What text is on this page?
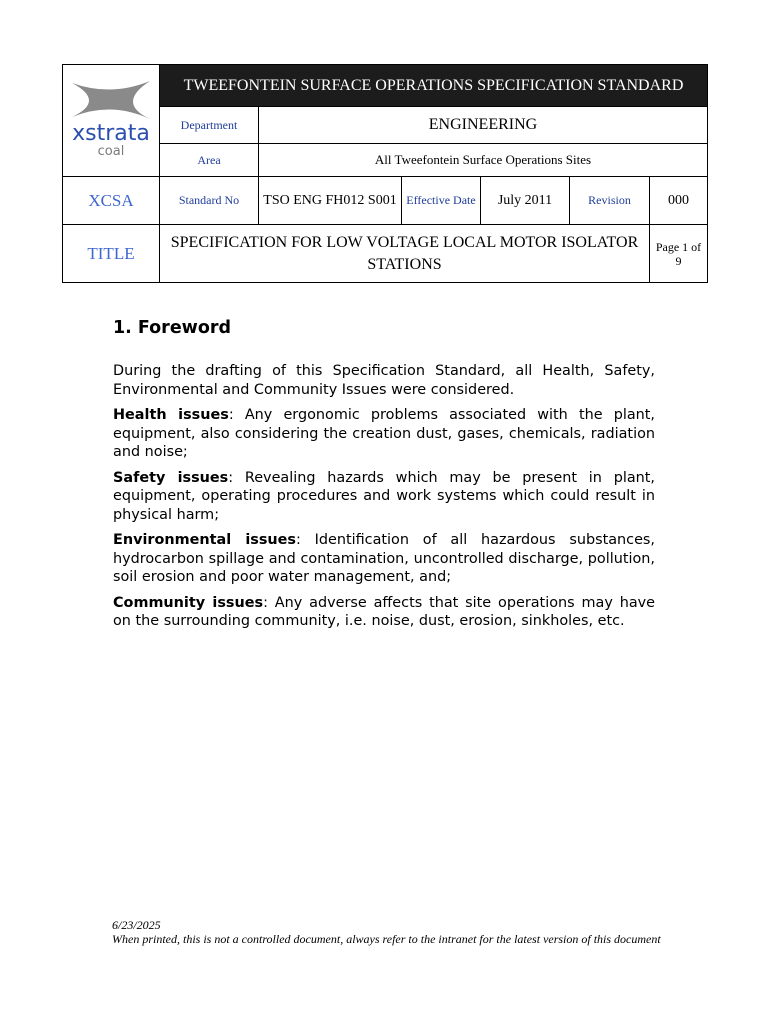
xstrata
coal	TWEEFONTEIN SURFACE OPERATIONS SPECIFICATION STANDARD					
	Department	ENGINEERING				
	Area	All Tweefontein Surface Operations Sites				
XCSA	Standard No	TSO ENG FH012 S001	Effective Date	July 2011	Revision	000
TITLE	SPECIFICATION FOR LOW VOLTAGE LOCAL MOTOR ISOLATOR STATIONS					Page 1 of 9
1. Foreword

During the drafting of this Specification Standard, all Health, Safety, Environmental and Community Issues were considered.

Health issues: Any ergonomic problems associated with the plant, equipment, also considering the creation dust, gases, chemicals, radiation and noise;

Safety issues: Revealing hazards which may be present in plant, equipment, operating procedures and work systems which could result in physical harm;

Environmental issues: Identification of all hazardous substances, hydrocarbon spillage and contamination, uncontrolled discharge, pollution, soil erosion and poor water management, and;

Community issues: Any adverse affects that site operations may have on the surrounding community, i.e. noise, dust, erosion, sinkholes, etc.

6/23/2025
When printed, this is not a controlled document, always refer to the intranet for the latest version of this document
